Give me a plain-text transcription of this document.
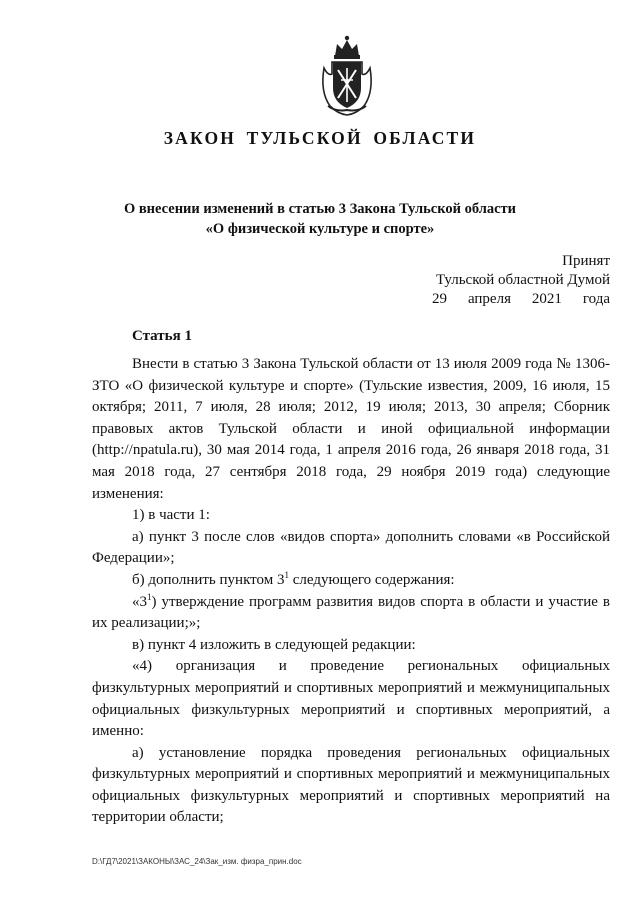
ЗАКОН ТУЛЬСКОЙ ОБЛАСТИ
О внесении изменений в статью 3 Закона Тульской области
«О физической культуре и спорте»
Принят
Тульской областной Думой
29 апреля 2021 года
Статья 1

Внести в статью 3 Закона Тульской области от 13 июля 2009 года № 1306-ЗТО «О физической культуре и спорте» (Тульские известия, 2009, 16 июля, 15 октября; 2011, 7 июля, 28 июля; 2012, 19 июля; 2013, 30 апреля; Сборник правовых актов Тульской области и иной официальной информации (http://npatula.ru), 30 мая 2014 года, 1 апреля 2016 года, 26 января 2018 года, 31 мая 2018 года, 27 сентября 2018 года, 29 ноября 2019 года) следующие изменения:

1) в части 1:

а) пункт 3 после слов «видов спорта» дополнить словами «в Российской Федерации»;

б) дополнить пунктом $3^1$ следующего содержания:

«$3^1$) утверждение программ развития видов спорта в области и участие в их реализации;»;

в) пункт 4 изложить в следующей редакции:

«4) организация и проведение региональных официальных физкультурных мероприятий и спортивных мероприятий и межмуниципальных официальных физкультурных мероприятий и спортивных мероприятий, а именно:

а) установление порядка проведения региональных официальных физкультурных мероприятий и спортивных мероприятий и межмуниципальных официальных физкультурных мероприятий и спортивных мероприятий на территории области;

D:\ГД7\2021\ЗАКОНЫ\ЗАС_24\Зак_изм. физра_прин.doc
